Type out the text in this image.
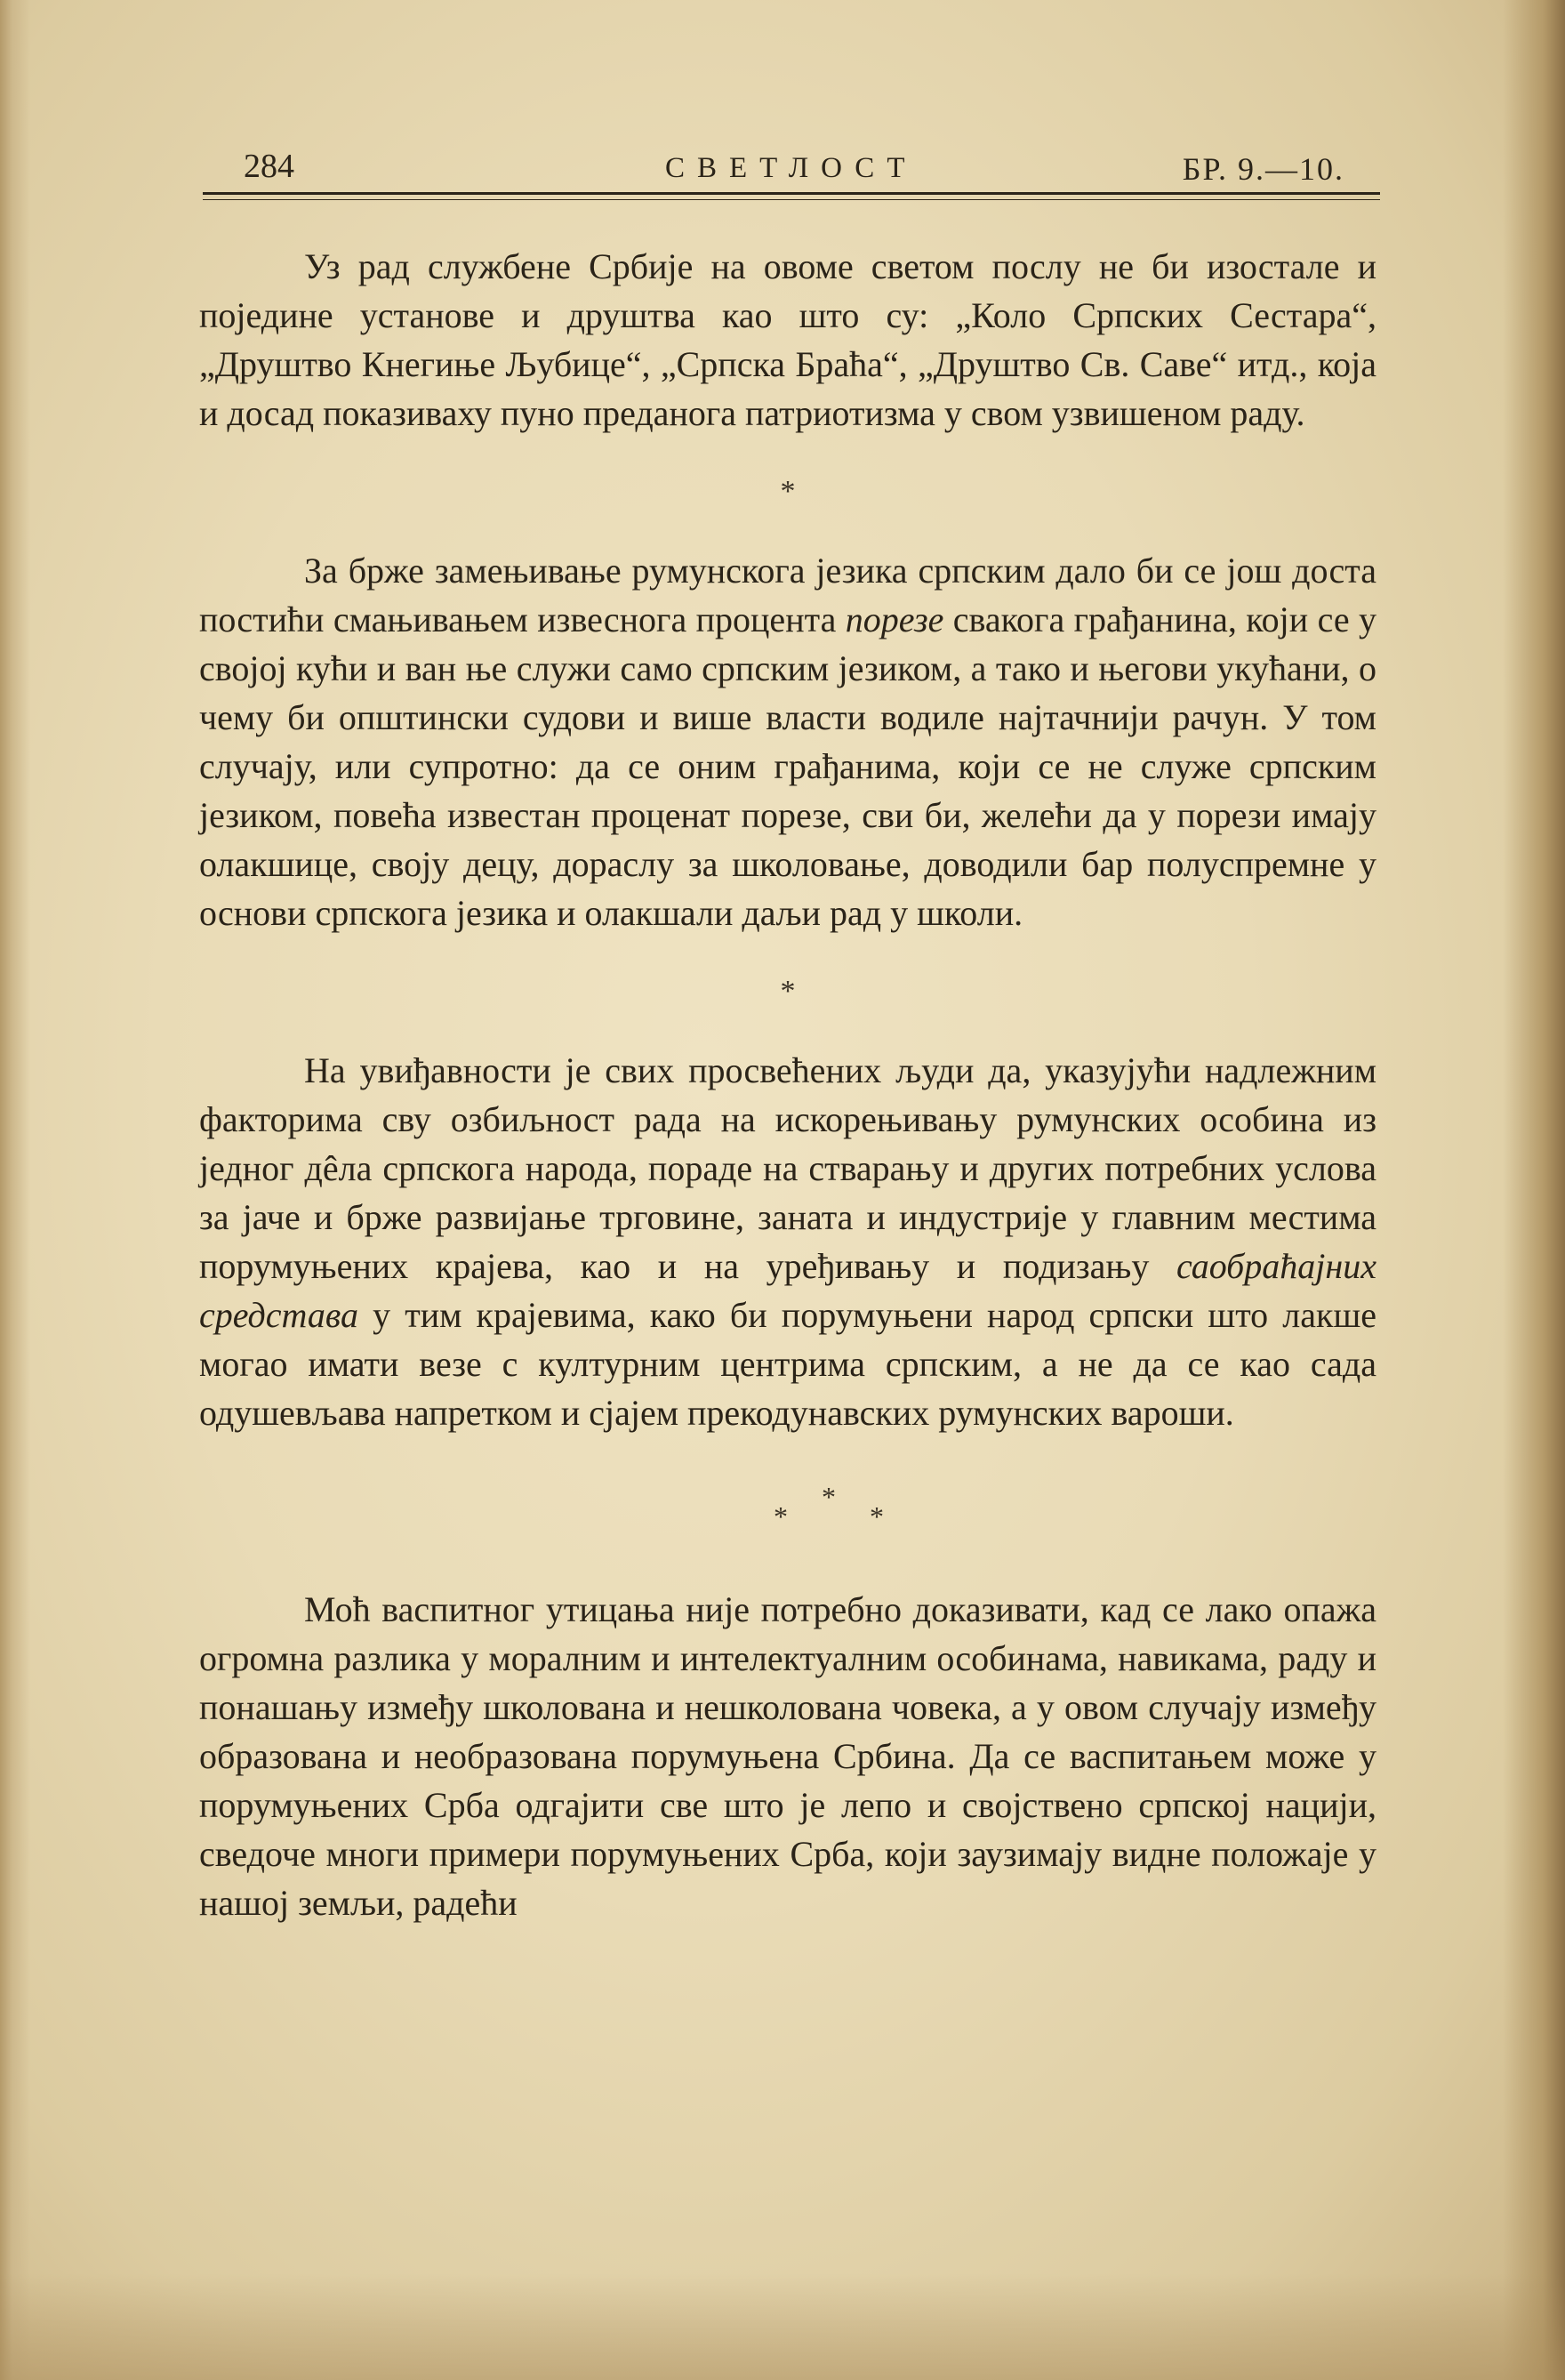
284	СВЕТЛОСТ	БР. 9.—10.

Уз рад службене Србије на овоме светом послу не би изостале и поједине установе и друштва као што су: „Коло Српских Сестара“, „Друштво Кнегиње Љубице“, „Српска Браћа“, „Друштво Св. Саве“ итд., која и досад показиваху пуно преданога патриотизма у свом узвишеном раду.

*

За брже замењивање румунскога језика српским дало би се још доста постићи смањивањем извеснога процента порезе свакога грађанина, који се у својој кући и ван ње служи само српским језиком, а тако и његови укућани, о чему би општински судови и више власти водиле најтачнији рачун. У том случају, или супротно: да се оним грађанима, који се не служе српским језиком, повећа известан проценат порезе, сви би, желећи да у порези имају олакшице, своју децу, дораслу за школовање, доводили бар полуспремне у основи српскога језика и олакшали даљи рад у школи.

*

На увиђавности је свих просвећених људи да, указујући надлежним факторима сву озбиљност рада на искорењивању румунских особина из једног дêла српскога народа, пораде на стварању и других потребних услова за јаче и брже развијање трговине, заната и индустрије у главним местима порумуњених крајева, као и на уређивању и подизању саобраћајних средстава у тим крајевима, како би порумуњени народ српски што лакше могао имати везе с културним центрима српским, а не да се као сада одушевљава напретком и сјајем прекодунавских румунских вароши.

*
*
*

Моћ васпитног утицања није потребно доказивати, кад се лако опажа огромна разлика у моралним и интелектуалним особинама, навикама, раду и понашању између школована и нешколована човека, а у овом случају између образована и необразована порумуњена Србина. Да се васпитањем може у порумуњених Срба одгајити све што је лепо и својствено српској нацији, сведоче многи примери порумуњених Срба, који заузимају видне положаје у нашој земљи, радећи
